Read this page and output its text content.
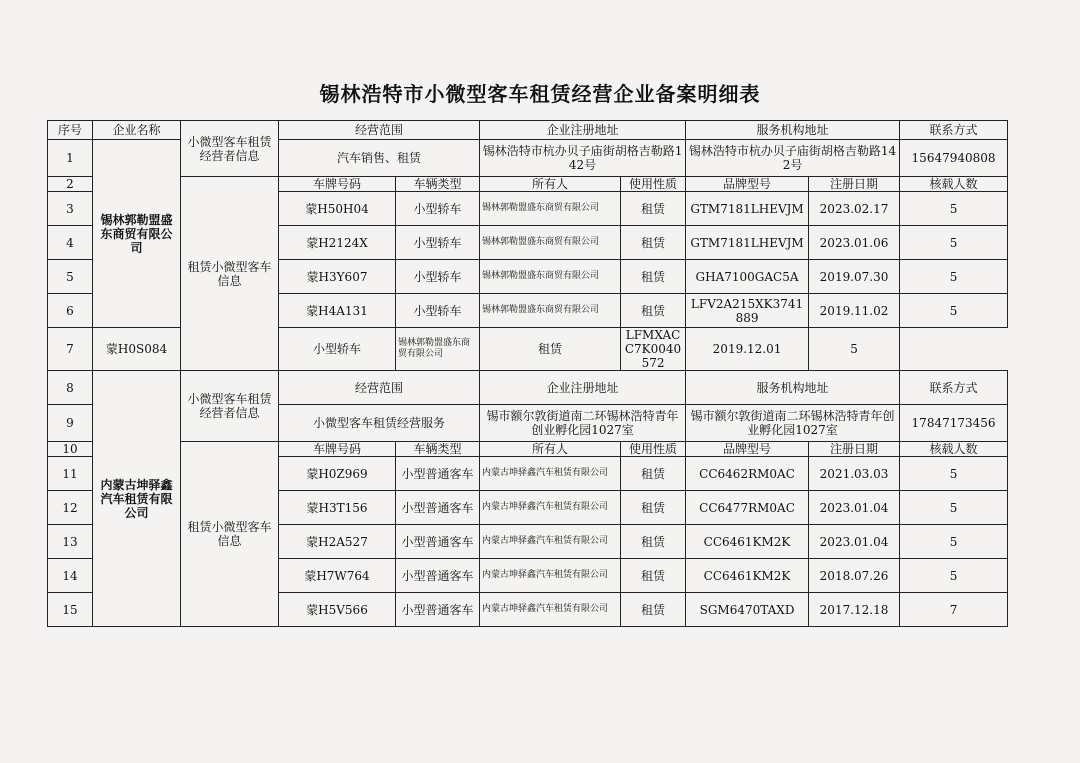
锡林浩特市小微型客车租赁经营企业备案明细表
序号	企业名称	小微型客车租赁经营者信息	经营范围		企业注册地址		服务机构地址		联系方式
1	锡林郭勒盟盛东商贸有限公司		汽车销售、租赁		锡林浩特市杭办贝子庙街胡格吉勒路142号		锡林浩特市杭办贝子庙街胡格吉勒路142号		15647940808
2		租赁小微型客车信息	车牌号码	车辆类型	所有人	使用性质	品牌型号	注册日期	核载人数
3			蒙H50H04	小型轿车	锡林郭勒盟盛东商贸有限公司	租赁	GTM7181LHEVJM	2023.02.17	5
4			蒙H2124X	小型轿车	锡林郭勒盟盛东商贸有限公司	租赁	GTM7181LHEVJM	2023.01.06	5
5			蒙H3Y607	小型轿车	锡林郭勒盟盛东商贸有限公司	租赁	GHA7100GAC5A	2019.07.30	5
6			蒙H4A131	小型轿车	锡林郭勒盟盛东商贸有限公司	租赁	LFV2A215XK3741889	2019.11.02	5
7	蒙H0S084		小型轿车	锡林郭勒盟盛东商贸有限公司	租赁	LFMXACC7K0040572	2019.12.01	5	
8	内蒙古坤驿鑫汽车租赁有限公司	小微型客车租赁经营者信息	经营范围		企业注册地址		服务机构地址		联系方式
9			小微型客车租赁经营服务		锡市额尔敦街道南二环锡林浩特青年创业孵化园1027室		锡市额尔敦街道南二环锡林浩特青年创业孵化园1027室		17847173456
10		租赁小微型客车信息	车牌号码	车辆类型	所有人	使用性质	品牌型号	注册日期	核载人数
11			蒙H0Z969	小型普通客车	内蒙古坤驿鑫汽车租赁有限公司	租赁	CC6462RM0AC	2021.03.03	5
12			蒙H3T156	小型普通客车	内蒙古坤驿鑫汽车租赁有限公司	租赁	CC6477RM0AC	2023.01.04	5
13			蒙H2A527	小型普通客车	内蒙古坤驿鑫汽车租赁有限公司	租赁	CC6461KM2K	2023.01.04	5
14			蒙H7W764	小型普通客车	内蒙古坤驿鑫汽车租赁有限公司	租赁	CC6461KM2K	2018.07.26	5
15			蒙H5V566	小型普通客车	内蒙古坤驿鑫汽车租赁有限公司	租赁	SGM6470TAXD	2017.12.18	7
